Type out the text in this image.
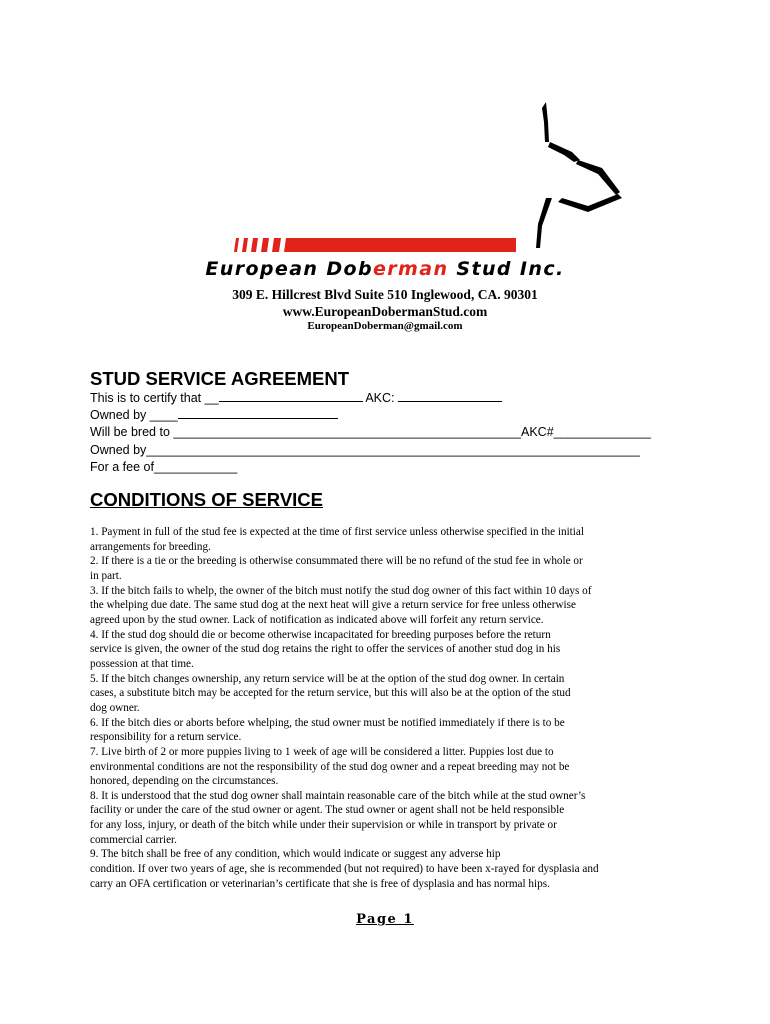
European Doberman Stud Inc.
309 E. Hillcrest Blvd Suite 510 Inglewood, CA. 90301
www.EuropeanDobermanStud.com
EuropeanDoberman@gmail.com
STUD SERVICE AGREEMENT
This is to certify that __	AKC:
Owned by ____
Will be bred to __________________________________________________AKC#______________
Owned by_______________________________________________________________________
For a fee of____________
CONDITIONS OF SERVICE

1. Payment in full of the stud fee is expected at the time of first service unless otherwise specified in the initial

arrangements for breeding.

2. If there is a tie or the breeding is otherwise consummated there will be no refund of the stud fee in whole or

in part.

3. If the bitch fails to whelp, the owner of the bitch must notify the stud dog owner of this fact within 10 days of

the whelping due date. The same stud dog at the next heat will give a return service for free unless otherwise

agreed upon by the stud owner. Lack of notification as indicated above will forfeit any return service.

4. If the stud dog should die or become otherwise incapacitated for breeding purposes before the return

service is given, the owner of the stud dog retains the right to offer the services of another stud dog in his

possession at that time.

5. If the bitch changes ownership, any return service will be at the option of the stud dog owner. In certain

cases, a substitute bitch may be accepted for the return service, but this will also be at the option of the stud

dog owner.

6. If the bitch dies or aborts before whelping, the stud owner must be notified immediately if there is to be

responsibility for a return service.

7. Live birth of 2 or more puppies living to 1 week of age will be considered a litter. Puppies lost due to

environmental conditions are not the responsibility of the stud dog owner and a repeat breeding may not be

honored, depending on the circumstances.

8. It is understood that the stud dog owner shall maintain reasonable care of the bitch while at the stud owner’s

facility or under the care of the stud owner or agent. The stud owner or agent shall not be held responsible

for any loss, injury, or death of the bitch while under their supervision or while in transport by private or

commercial carrier.

9. The bitch shall be free of any condition, which would indicate or suggest any adverse hip

condition. If over two years of age, she is recommended (but not required) to have been x-rayed for dysplasia and

carry an OFA certification or veterinarian’s certificate that she is free of dysplasia and has normal hips.

Page 1
